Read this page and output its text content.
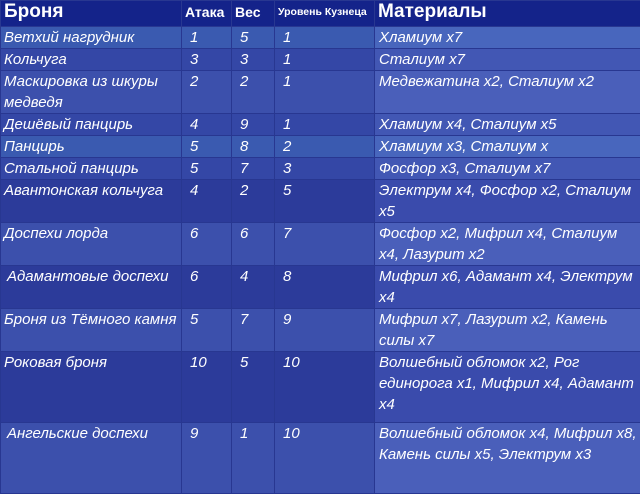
Броня	Атака	Вес	Уровень Кузнеца	Материалы
Ветхий нагрудник	1	5	1	Хламиум х7
Кольчуга	3	3	1	Сталиум х7
Маскировка из шкуры медведя	2	2	1	Медвежатина х2, Сталиум х2
Дешёвый панцирь	4	9	1	Хламиум х4, Сталиум х5
Панцирь	5	8	2	Хламиум х3, Сталиум х
Стальной панцирь	5	7	3	Фосфор х3, Сталиум х7
Авантонская кольчуга	4	2	5	Электрум х4, Фосфор х2, Сталиум х5
Доспехи лорда	6	6	7	Фосфор х2, Мифрил х4, Сталиум х4, Лазурит х2
Адамантовые доспехи	6	4	8	Мифрил х6, Адамант х4, Электрум х4
Броня из Тёмного камня	5	7	9	Мифрил х7, Лазурит х2, Камень силы х7
Роковая броня	10	5	10	Волшебный обломок х2, Рог единорога х1, Мифрил х4, Адамант х4
Ангельские доспехи	9	1	10	Волшебный обломок х4, Мифрил х8, Камень силы х5, Электрум х3
